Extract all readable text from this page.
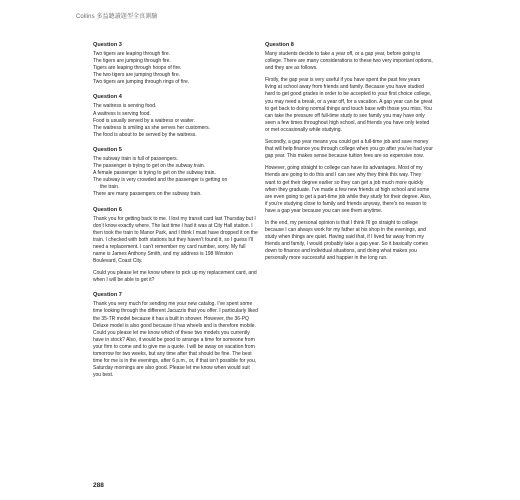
Collins 多益聽讀題型全真測驗
Question 3

Two tigers are leaping through fire.

The tigers are jumping through fire.

Tigers are leaping through hoops of fire.

The two tigers are jumping through fire.

Two tigers are jumping through rings of fire.

Question 4

The waitress is serving food.

A waitress is serving food.

Food is usually served by a waitress or waiter.

The waitress is smiling as she serves her customers.

The food is about to be served by the waitress.

Question 5

The subway train is full of passengers.

The passenger is trying to get on the subway train.

A female passenger is trying to get on the subway train.

The subway is very crowded and the passenger is getting on

the train.

There are many passengers on the subway train.

Question 6

Thank you for getting back to me. I lost my transit card last Thursday but I don’t know exactly where. The last time I had it was at City Hall station. I then took the train to Manor Park, and I think I must have dropped it on the train. I checked with both stations but they haven’t found it, so I guess I’ll need a replacement. I can’t remember my card number, sorry. My full name is James Anthony Smith, and my address is 198 Winston Boulevard, Coast City.

Could you please let me know where to pick up my replacement card, and when I will be able to get it?

Question 7

Thank you very much for sending me your new catalog. I’ve spent some time looking through the different Jacuzzis that you offer. I particularly liked the 35-TR model because it has a built in shower. However, the 36-PQ Deluxe model is also good because it has wheels and is therefore mobile. Could you please let me know which of these two models you currently have in stock? Also, it would be good to arrange a time for someone from your firm to come and to give me a quote. I will be away on vacation from tomorrow for two weeks, but any time after that should be fine. The best time for me is in the evenings, after 6 p.m., or, if that isn’t possible for you, Saturday mornings are also good. Please let me know when would suit you best.

Question 8

Many students decide to take a year off, or a gap year, before going to college. There are many considerations to these two very important options, and they are as follows.

Firstly, the gap year is very useful if you have spent the past few years living at school away from friends and family. Because you have studied hard to get good grades in order to be accepted to your first choice college, you may need a break, or a year off, for a vacation. A gap year can be great to get back to doing normal things and touch base with those you miss. You can take the pressure off full-time study to see family you may have only seen a few times throughout high school, and friends you have only texted or met occasionally while studying.

Secondly, a gap year means you could get a full-time job and save money that will help finance you through college when you go after you’ve had your gap year. This makes sense because tuition fees are so expensive now.

However, going straight to college can have its advantages. Most of my friends are going to do this and I can see why they think this way. They want to get their degree earlier so they can get a job much more quickly when they graduate. I’ve made a few new friends at high school and some are even going to get a part-time job while they study for their degree. Also, if you’re studying close to family and friends anyway, there’s no reason to have a gap year because you can see them anytime.

In the end, my personal opinion is that I think I’ll go straight to college because I can always work for my father at his shop in the evenings, and study when things are quiet. Having said that, if I lived far away from my friends and family, I would probably take a gap year. So it basically comes down to finance and individual situations, and doing what makes you personally more successful and happier in the long run.

288
